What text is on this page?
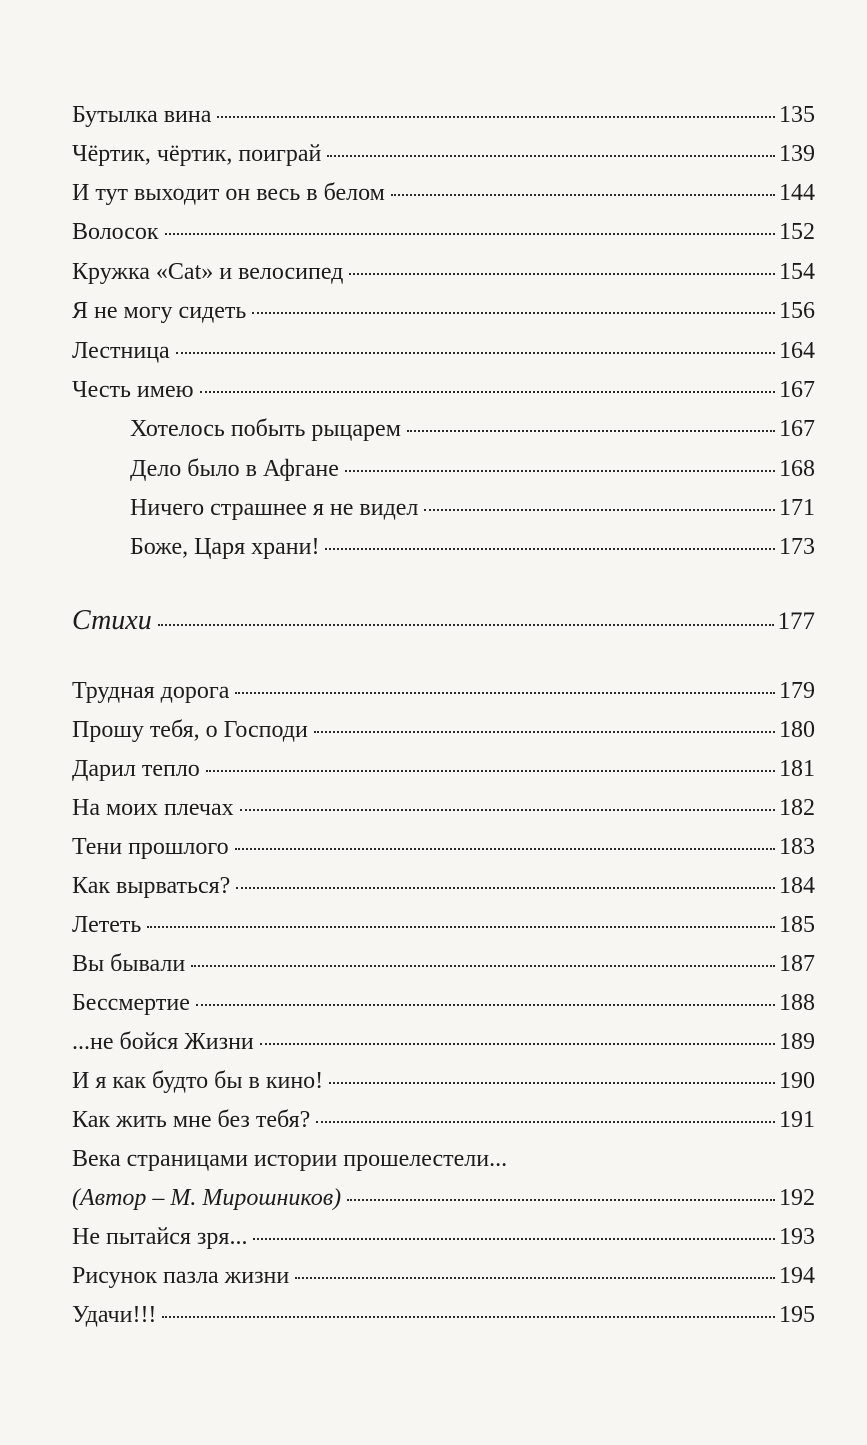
Бутылка вина	135
Чёртик, чёртик, поиграй	139
И тут выходит он весь в белом	144
Волосок	152
Кружка «Cat» и велосипед	154
Я не могу сидеть	156
Лестница	164
Честь имею	167
Хотелось побыть рыцарем	167
Дело было в Афгане	168
Ничего страшнее я не видел	171
Боже, Царя храни!	173
Стихи	177
Трудная дорога	179
Прошу тебя, о Господи	180
Дарил тепло	181
На моих плечах	182
Тени прошлого	183
Как вырваться?	184
Лететь	185
Вы бывали	187
Бессмертие	188
...не бойся Жизни	189
И я как будто бы в кино!	190
Как жить мне без тебя?	191
Века страницами истории прошелестели...
(Автор – М. Мирошников)	192
Не пытайся зря...	193
Рисунок пазла жизни	194
Удачи!!!	195
